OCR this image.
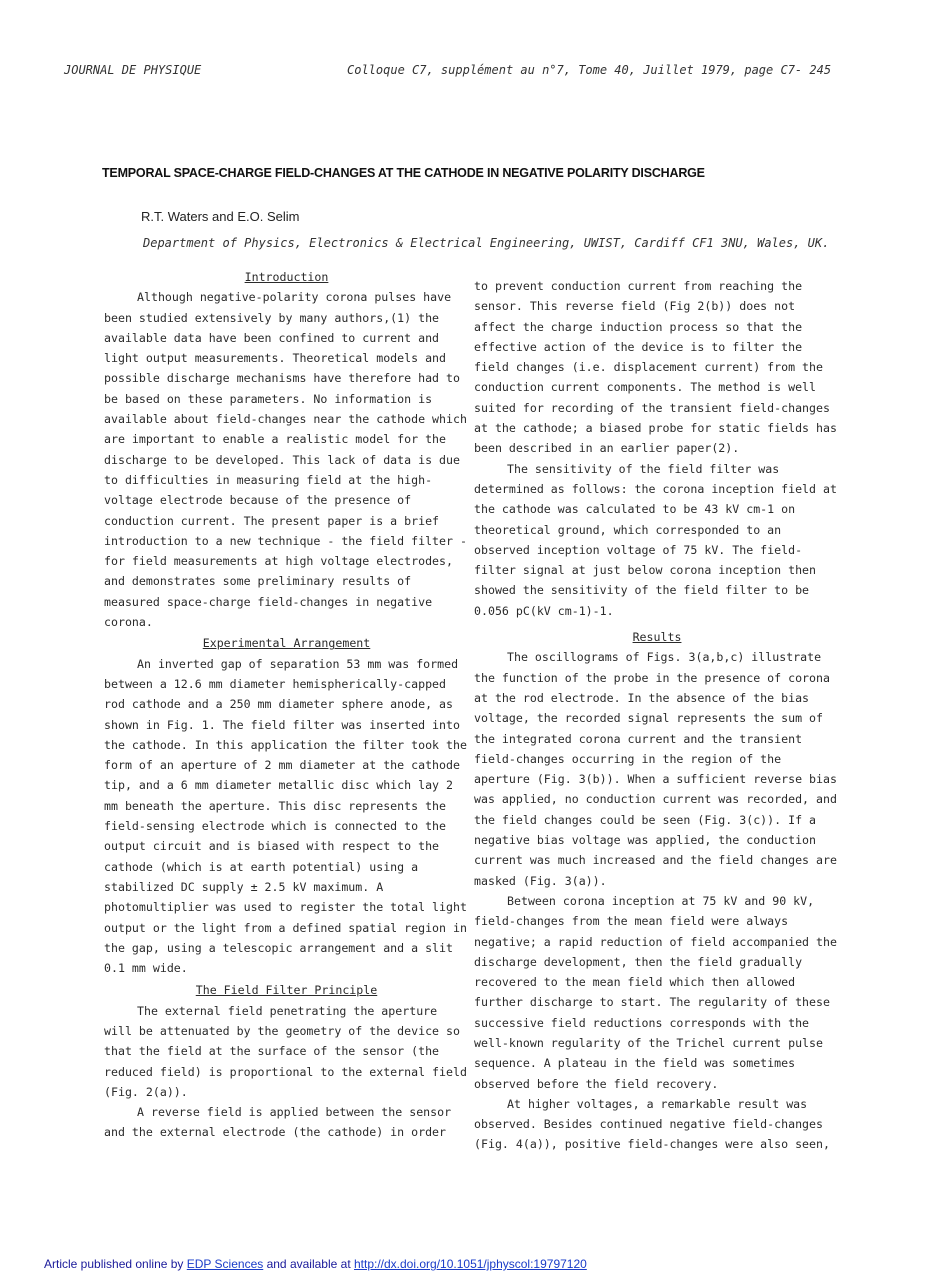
JOURNAL DE PHYSIQUE	Colloque C7, supplément au n°7, Tome 40, Juillet 1979, page C7- 245
TEMPORAL SPACE-CHARGE FIELD-CHANGES AT THE CATHODE IN NEGATIVE POLARITY DISCHARGE
R.T. Waters and E.O. Selim
Department of Physics, Electronics & Electrical Engineering, UWIST, Cardiff CF1 3NU, Wales, UK.

Introduction

Although negative-polarity corona pulses have been studied extensively by many authors,(1) the available data have been confined to current and light output measurements. Theoretical models and possible discharge mechanisms have therefore had to be based on these parameters. No information is available about field-changes near the cathode which are important to enable a realistic model for the discharge to be developed. This lack of data is due to difficulties in measuring field at the high-voltage electrode because of the presence of conduction current. The present paper is a brief introduction to a new technique - the field filter - for field measurements at high voltage electrodes, and demonstrates some preliminary results of measured space-charge field-changes in negative corona.

Experimental Arrangement

An inverted gap of separation 53 mm was formed between a 12.6 mm diameter hemispherically-capped rod cathode and a 250 mm diameter sphere anode, as shown in Fig. 1. The field filter was inserted into the cathode. In this application the filter took the form of an aperture of 2 mm diameter at the cathode tip, and a 6 mm diameter metallic disc which lay 2 mm beneath the aperture. This disc represents the field-sensing electrode which is connected to the output circuit and is biased with respect to the cathode (which is at earth potential) using a stabilized DC supply ± 2.5 kV maximum. A photomultiplier was used to register the total light output or the light from a defined spatial region in the gap, using a telescopic arrangement and a slit 0.1 mm wide.

The Field Filter Principle

The external field penetrating the aperture will be attenuated by the geometry of the device so that the field at the surface of the sensor (the reduced field) is proportional to the external field (Fig. 2(a)).

A reverse field is applied between the sensor and the external electrode (the cathode) in order

to prevent conduction current from reaching the sensor. This reverse field (Fig 2(b)) does not affect the charge induction process so that the effective action of the device is to filter the field changes (i.e. displacement current) from the conduction current components. The method is well suited for recording of the transient field-changes at the cathode; a biased probe for static fields has been described in an earlier paper(2).

The sensitivity of the field filter was determined as follows: the corona inception field at the cathode was calculated to be 43 kV cm-1 on theoretical ground, which corresponded to an observed inception voltage of 75 kV. The field-filter signal at just below corona inception then showed the sensitivity of the field filter to be 0.056 pC(kV cm-1)-1.

Results

The oscillograms of Figs. 3(a,b,c) illustrate the function of the probe in the presence of corona at the rod electrode. In the absence of the bias voltage, the recorded signal represents the sum of the integrated corona current and the transient field-changes occurring in the region of the aperture (Fig. 3(b)). When a sufficient reverse bias was applied, no conduction current was recorded, and the field changes could be seen (Fig. 3(c)). If a negative bias voltage was applied, the conduction current was much increased and the field changes are masked (Fig. 3(a)).

Between corona inception at 75 kV and 90 kV, field-changes from the mean field were always negative; a rapid reduction of field accompanied the discharge development, then the field gradually recovered to the mean field which then allowed further discharge to start. The regularity of these successive field reductions corresponds with the well-known regularity of the Trichel current pulse sequence. A plateau in the field was sometimes observed before the field recovery.

At higher voltages, a remarkable result was observed. Besides continued negative field-changes (Fig. 4(a)), positive field-changes were also seen,

Article published online by EDP Sciences and available at http://dx.doi.org/10.1051/jphyscol:19797120
